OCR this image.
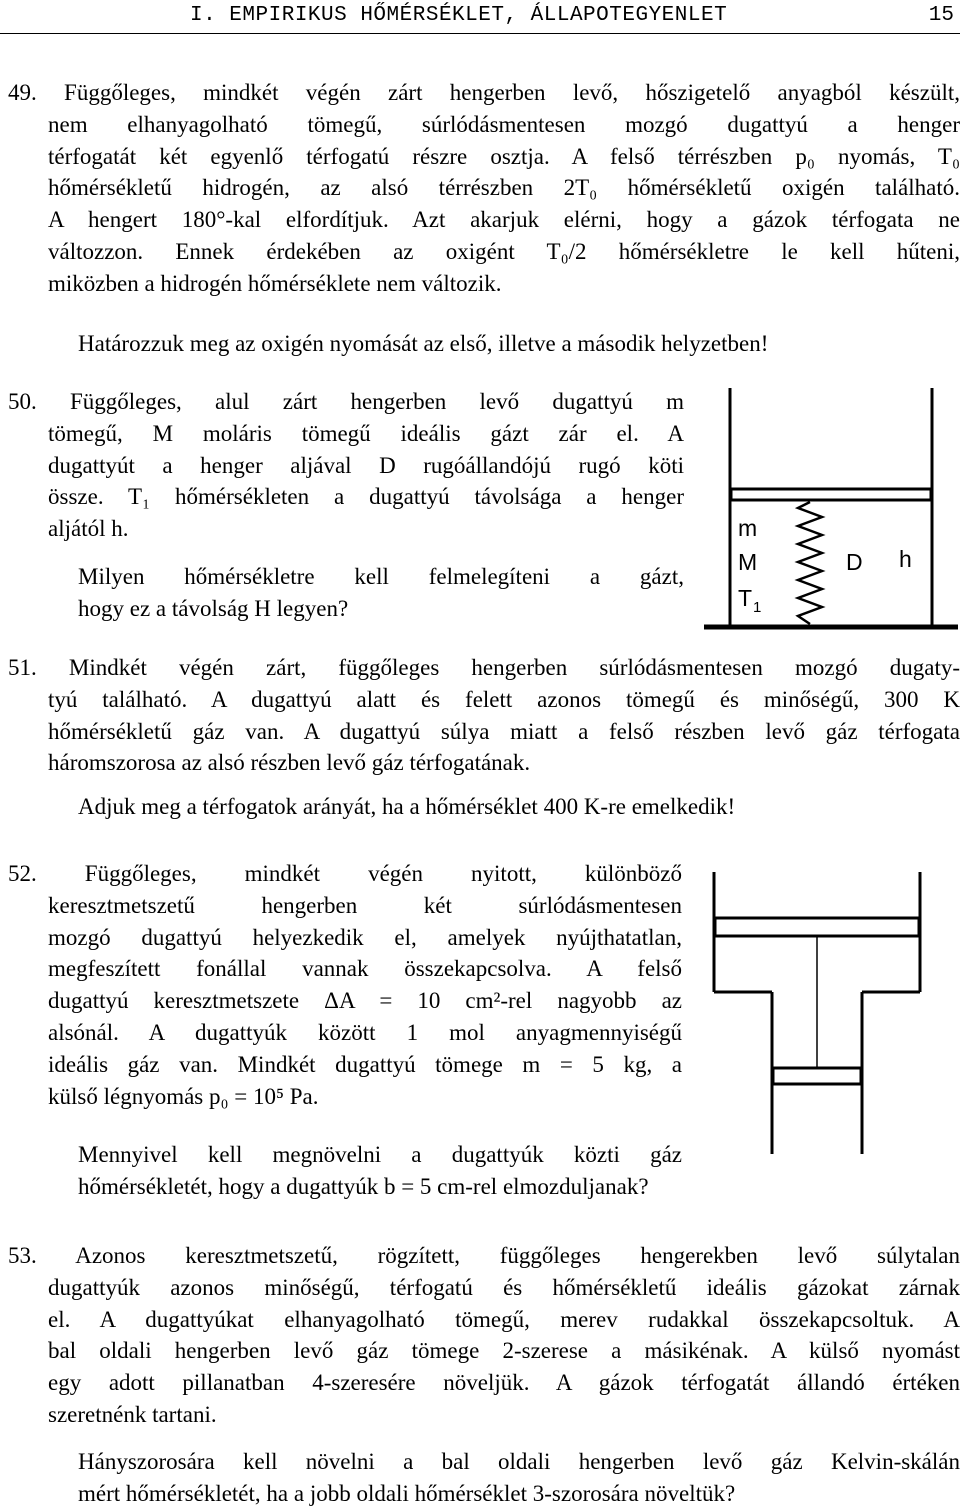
I. EMPIRIKUS HŐMÉRSÉKLET, ÁLLAPOTEGYENLET	15
49. Függőleges, mindkét végén zárt hengerben levő, hőszigetelő anyagból készült,
nem elhanyagolható tömegű, súrlódásmentesen mozgó dugattyú a henger
térfogatát két egyenlő térfogatú részre osztja. A felső térrészben p₀ nyomás, T₀
hőmérsékletű hidrogén, az alsó térrészben 2T₀ hőmérsékletű oxigén található.
A hengert 180°-kal elfordítjuk. Azt akarjuk elérni, hogy a gázok térfogata ne
változzon. Ennek érdekében az oxigént T₀/2 hőmérsékletre le kell hűteni,
miközben a hidrogén hőmérséklete nem változik.
Határozzuk meg az oxigén nyomását az első, illetve a második helyzetben!
50. Függőleges, alul zárt hengerben levő dugattyú m
tömegű, M moláris tömegű ideális gázt zár el. A
dugattyút a henger aljával D rugóállandójú rugó köti
össze. T₁ hőmérsékleten a dugattyú távolsága a henger
aljától h.
Milyen hőmérsékletre kell felmelegíteni a gázt,
hogy ez a távolság H legyen?
m
M
T 1
D h
51. Mindkét végén zárt, függőleges hengerben súrlódásmentesen mozgó dugaty-
tyú található. A dugattyú alatt és felett azonos tömegű és minőségű, 300 K
hőmérsékletű gáz van. A dugattyú súlya miatt a felső részben levő gáz térfogata
háromszorosa az alsó részben levő gáz térfogatának.
Adjuk meg a térfogatok arányát, ha a hőmérséklet 400 K-re emelkedik!
52. Függőleges, mindkét végén nyitott, különböző
keresztmetszetű hengerben két súrlódásmentesen
mozgó dugattyú helyezkedik el, amelyek nyújthatatlan,
megfeszített fonállal vannak összekapcsolva. A felső
dugattyú keresztmetszete ΔA = 10 cm²-rel nagyobb az
alsónál. A dugattyúk között 1 mol anyagmennyiségű
ideális gáz van. Mindkét dugattyú tömege m = 5 kg, a
külső légnyomás p₀ = 10⁵ Pa.
Mennyivel kell megnövelni a dugattyúk közti gáz
hőmérsékletét, hogy a dugattyúk b = 5 cm-rel elmozduljanak?
53. Azonos keresztmetszetű, rögzített, függőleges hengerekben levő súlytalan
dugattyúk azonos minőségű, térfogatú és hőmérsékletű ideális gázokat zárnak
el. A dugattyúkat elhanyagolható tömegű, merev rudakkal összekapcsoltuk. A
bal oldali hengerben levő gáz tömege 2-szerese a másikénak. A külső nyomást
egy adott pillanatban 4-szeresére növeljük. A gázok térfogatát állandó értéken
szeretnénk tartani.
Hányszorosára kell növelni a bal oldali hengerben levő gáz Kelvin-skálán
mért hőmérsékletét, ha a jobb oldali hőmérséklet 3-szorosára növeltük?
